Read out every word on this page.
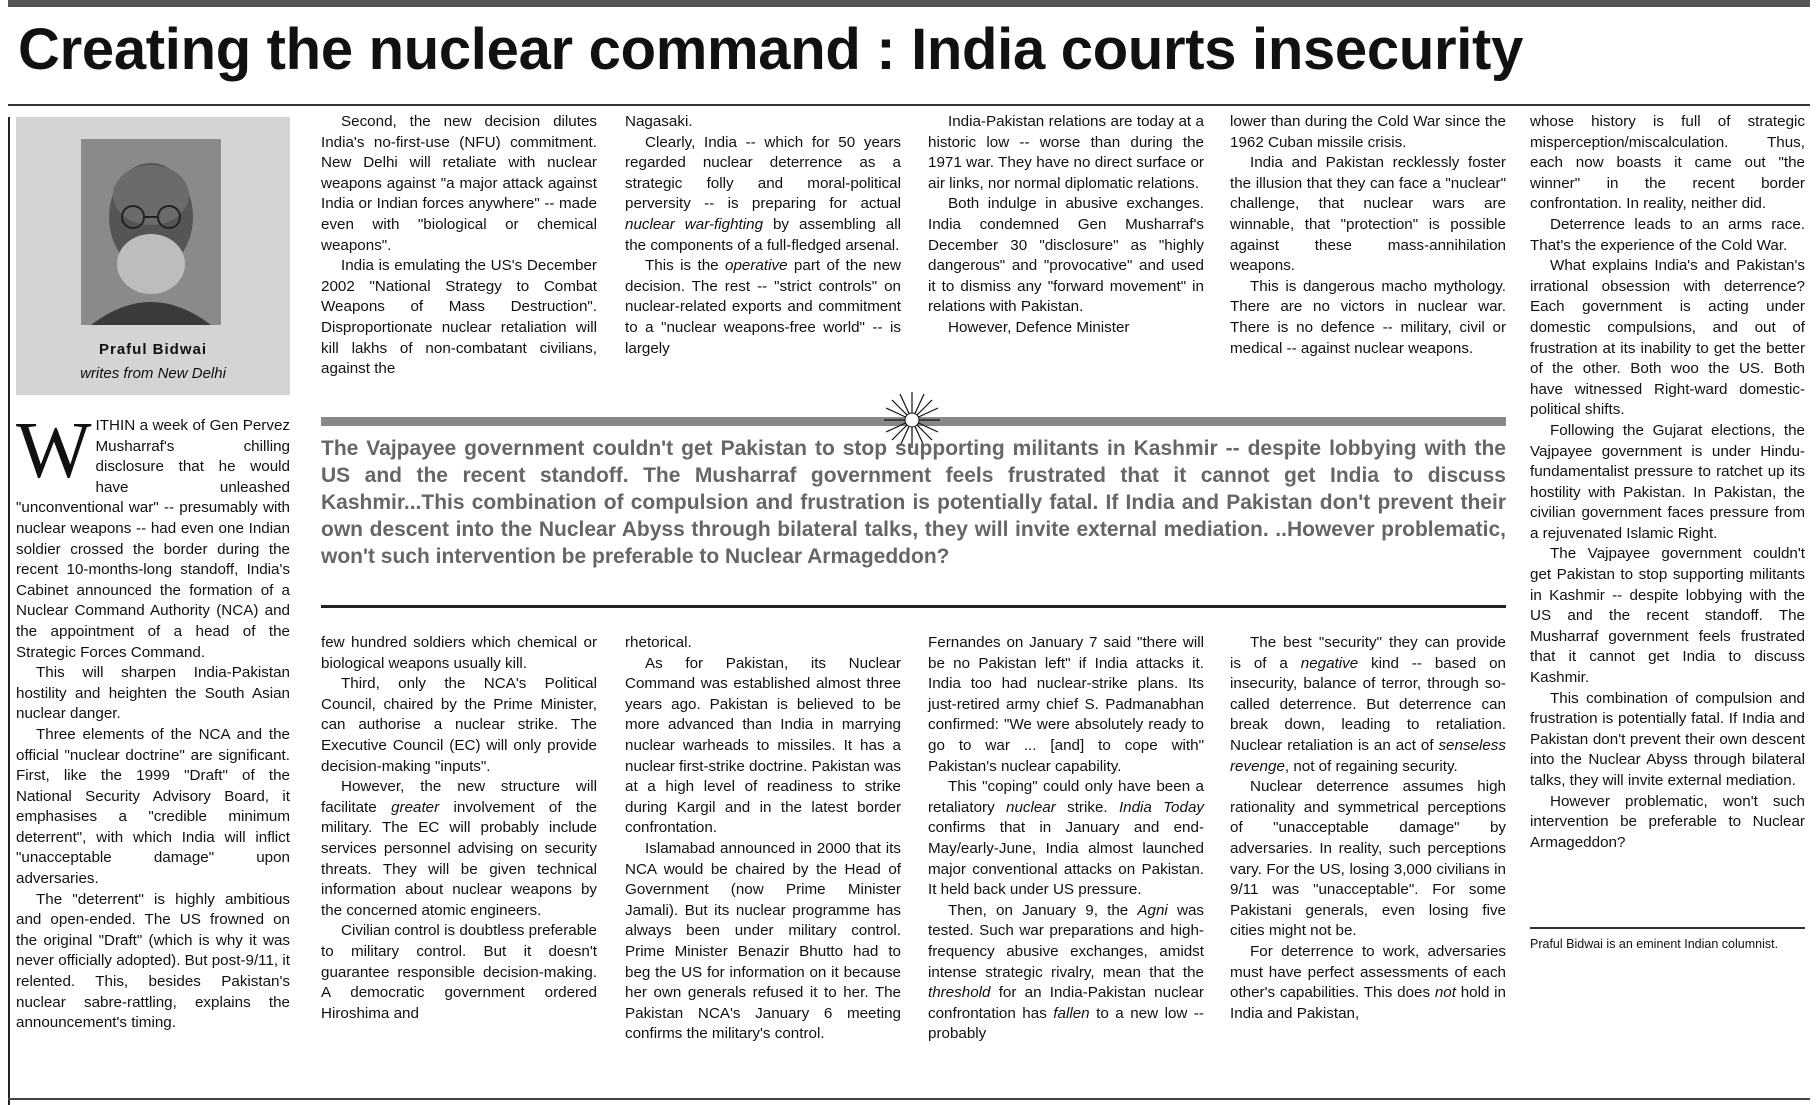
Creating the nuclear command : India courts insecurity
Praful Bidwai
writes from New Delhi

WITHIN a week of Gen Pervez Musharraf's chilling disclosure that he would have unleashed "unconventional war" -- presumably with nuclear weapons -- had even one Indian soldier crossed the border during the recent 10-months-long standoff, India's Cabinet announced the formation of a Nuclear Command Authority (NCA) and the appointment of a head of the Strategic Forces Command.

This will sharpen India-Pakistan hostility and heighten the South Asian nuclear danger.

Three elements of the NCA and the official "nuclear doctrine" are significant. First, like the 1999 "Draft" of the National Security Advisory Board, it emphasises a "credible minimum deterrent", with which India will inflict "unacceptable damage" upon adversaries.

The "deterrent" is highly ambitious and open-ended. The US frowned on the original "Draft" (which is why it was never officially adopted). But post-9/11, it relented. This, besides Pakistan's nuclear sabre-rattling, explains the announcement's timing.

Second, the new decision dilutes India's no-first-use (NFU) commitment. New Delhi will retaliate with nuclear weapons against "a major attack against India or Indian forces anywhere" -- made even with "biological or chemical weapons".

India is emulating the US's December 2002 "National Strategy to Combat Weapons of Mass Destruction". Disproportionate nuclear retaliation will kill lakhs of non-combatant civilians, against the

Nagasaki.

Clearly, India -- which for 50 years regarded nuclear deterrence as a strategic folly and moral-political perversity -- is preparing for actual nuclear war-fighting by assembling all the components of a full-fledged arsenal.

This is the operative part of the new decision. The rest -- "strict controls" on nuclear-related exports and commitment to a "nuclear weapons-free world" -- is largely

India-Pakistan relations are today at a historic low -- worse than during the 1971 war. They have no direct surface or air links, nor normal diplomatic relations.

Both indulge in abusive exchanges. India condemned Gen Musharraf's December 30 "disclosure" as "highly dangerous" and "provocative" and used it to dismiss any "forward movement" in relations with Pakistan.

However, Defence Minister

lower than during the Cold War since the 1962 Cuban missile crisis.

India and Pakistan recklessly foster the illusion that they can face a "nuclear" challenge, that nuclear wars are winnable, that "protection" is possible against these mass-annihilation weapons.

This is dangerous macho mythology. There are no victors in nuclear war. There is no defence -- military, civil or medical -- against nuclear weapons.

whose history is full of strategic misperception/miscalculation. Thus, each now boasts it came out "the winner" in the recent border confrontation. In reality, neither did.

Deterrence leads to an arms race. That's the experience of the Cold War.

What explains India's and Pakistan's irrational obsession with deterrence? Each government is acting under domestic compulsions, and out of frustration at its inability to get the better of the other. Both woo the US. Both have witnessed Right-ward domestic-political shifts.

Following the Gujarat elections, the Vajpayee government is under Hindu-fundamentalist pressure to ratchet up its hostility with Pakistan. In Pakistan, the civilian government faces pressure from a rejuvenated Islamic Right.

The Vajpayee government couldn't get Pakistan to stop supporting militants in Kashmir -- despite lobbying with the US and the recent standoff. The Musharraf government feels frustrated that it cannot get India to discuss Kashmir.

This combination of compulsion and frustration is potentially fatal. If India and Pakistan don't prevent their own descent into the Nuclear Abyss through bilateral talks, they will invite external mediation.

However problematic, won't such intervention be preferable to Nuclear Armageddon?

The Vajpayee government couldn't get Pakistan to stop supporting militants in Kashmir -- despite lobbying with the US and the recent standoff. The Musharraf government feels frustrated that it cannot get India to discuss Kashmir...This combination of compulsion and frustration is potentially fatal. If India and Pakistan don't prevent their own descent into the Nuclear Abyss through bilateral talks, they will invite external mediation. ..However problematic, won't such intervention be preferable to Nuclear Armageddon?

few hundred soldiers which chemical or biological weapons usually kill.

Third, only the NCA's Political Council, chaired by the Prime Minister, can authorise a nuclear strike. The Executive Council (EC) will only provide decision-making "inputs".

However, the new structure will facilitate greater involvement of the military. The EC will probably include services personnel advising on security threats. They will be given technical information about nuclear weapons by the concerned atomic engineers.

Civilian control is doubtless preferable to military control. But it doesn't guarantee responsible decision-making. A democratic government ordered Hiroshima and

rhetorical.

As for Pakistan, its Nuclear Command was established almost three years ago. Pakistan is believed to be more advanced than India in marrying nuclear warheads to missiles. It has a nuclear first-strike doctrine. Pakistan was at a high level of readiness to strike during Kargil and in the latest border confrontation.

Islamabad announced in 2000 that its NCA would be chaired by the Head of Government (now Prime Minister Jamali). But its nuclear programme has always been under military control. Prime Minister Benazir Bhutto had to beg the US for information on it because her own generals refused it to her. The Pakistan NCA's January 6 meeting confirms the military's control.

Fernandes on January 7 said "there will be no Pakistan left" if India attacks it. India too had nuclear-strike plans. Its just-retired army chief S. Padmanabhan confirmed: "We were absolutely ready to go to war ... [and] to cope with" Pakistan's nuclear capability.

This "coping" could only have been a retaliatory nuclear strike. India Today confirms that in January and end-May/early-June, India almost launched major conventional attacks on Pakistan. It held back under US pressure.

Then, on January 9, the Agni was tested. Such war preparations and high-frequency abusive exchanges, amidst intense strategic rivalry, mean that the threshold for an India-Pakistan nuclear confrontation has fallen to a new low -- probably

The best "security" they can provide is of a negative kind -- based on insecurity, balance of terror, through so-called deterrence. But deterrence can break down, leading to retaliation. Nuclear retaliation is an act of senseless revenge, not of regaining security.

Nuclear deterrence assumes high rationality and symmetrical perceptions of "unacceptable damage" by adversaries. In reality, such perceptions vary. For the US, losing 3,000 civilians in 9/11 was "unacceptable". For some Pakistani generals, even losing five cities might not be.

For deterrence to work, adversaries must have perfect assessments of each other's capabilities. This does not hold in India and Pakistan,

Praful Bidwai is an eminent Indian columnist.
